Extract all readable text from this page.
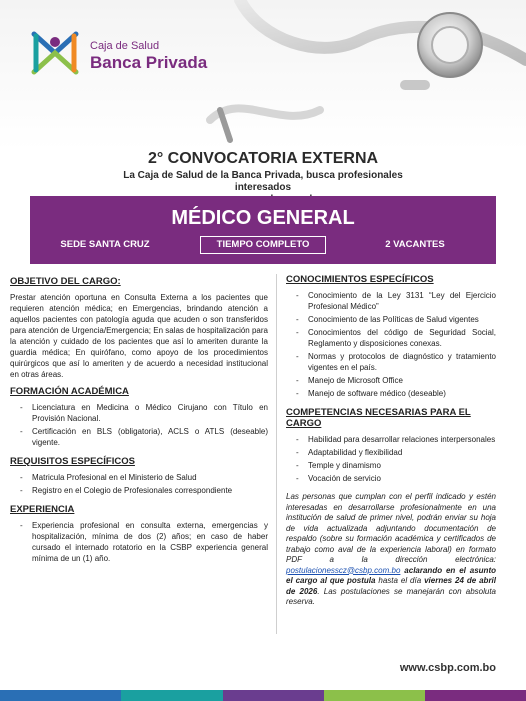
Caja de Salud
Banca Privada
2° CONVOCATORIA EXTERNA
La Caja de Salud de la Banca Privada, busca profesionales interesados
MÉDICO GENERAL
SEDE SANTA CRUZ	TIEMPO COMPLETO	2 VACANTES
OBJETIVO DEL CARGO:
Prestar atención oportuna en Consulta Externa a los pacientes que requieren atención médica; en Emergencias, brindando atención a aquellos pacientes con patología aguda que acuden o son transferidos para atención de Urgencia/Emergencia; En salas de hospitalización para la atención y cuidado de los pacientes que así lo ameriten durante la guardia médica; En quirófano, como apoyo de los procedimientos quirúrgicos que así lo ameriten y de acuerdo a necesidad institucional en otras áreas.
FORMACIÓN ACADÉMICA
- Licenciatura en Medicina o Médico Cirujano con Título en Provisión Nacional.
- Certificación en BLS (obligatoria), ACLS o ATLS (deseable) vigente.
REQUISITOS ESPECÍFICOS
- Matricula Profesional en el Ministerio de Salud
- Registro en el Colegio de Profesionales correspondiente
EXPERIENCIA
- Experiencia profesional en consulta externa, emergencias y hospitalización, mínima de dos (2) años; en caso de haber cursado el internado rotatorio en la CSBP experiencia general mínima de un (1) año.
CONOCIMIENTOS ESPECÍFICOS
- Conocimiento de la Ley 3131 “Ley del Ejercicio Profesional Médico”
- Conocimiento de las Políticas de Salud vigentes
- Conocimientos del código de Seguridad Social, Reglamento y disposiciones conexas.
- Normas y protocolos de diagnóstico y tratamiento vigentes en el país.
- Manejo de Microsoft Office
- Manejo de software médico (deseable)
COMPETENCIAS NECESARIAS PARA EL CARGO
- Habilidad para desarrollar relaciones interpersonales
- Adaptabilidad y flexibilidad
- Temple y dinamismo
- Vocación de servicio
Las personas que cumplan con el perfil indicado y estén interesadas en desarrollarse profesionalmente en una institución de salud de primer nivel, podrán enviar su hoja de vida actualizada adjuntando documentación de respaldo (sobre su formación académica y certificados de trabajo como aval de la experiencia laboral) en formato PDF a la dirección electrónica: postulacionesscz@csbp.com.bo aclarando en el asunto el cargo al que postula hasta el día viernes 24 de abril de 2026. Las postulaciones se manejarán con absoluta reserva.
www.csbp.com.bo
